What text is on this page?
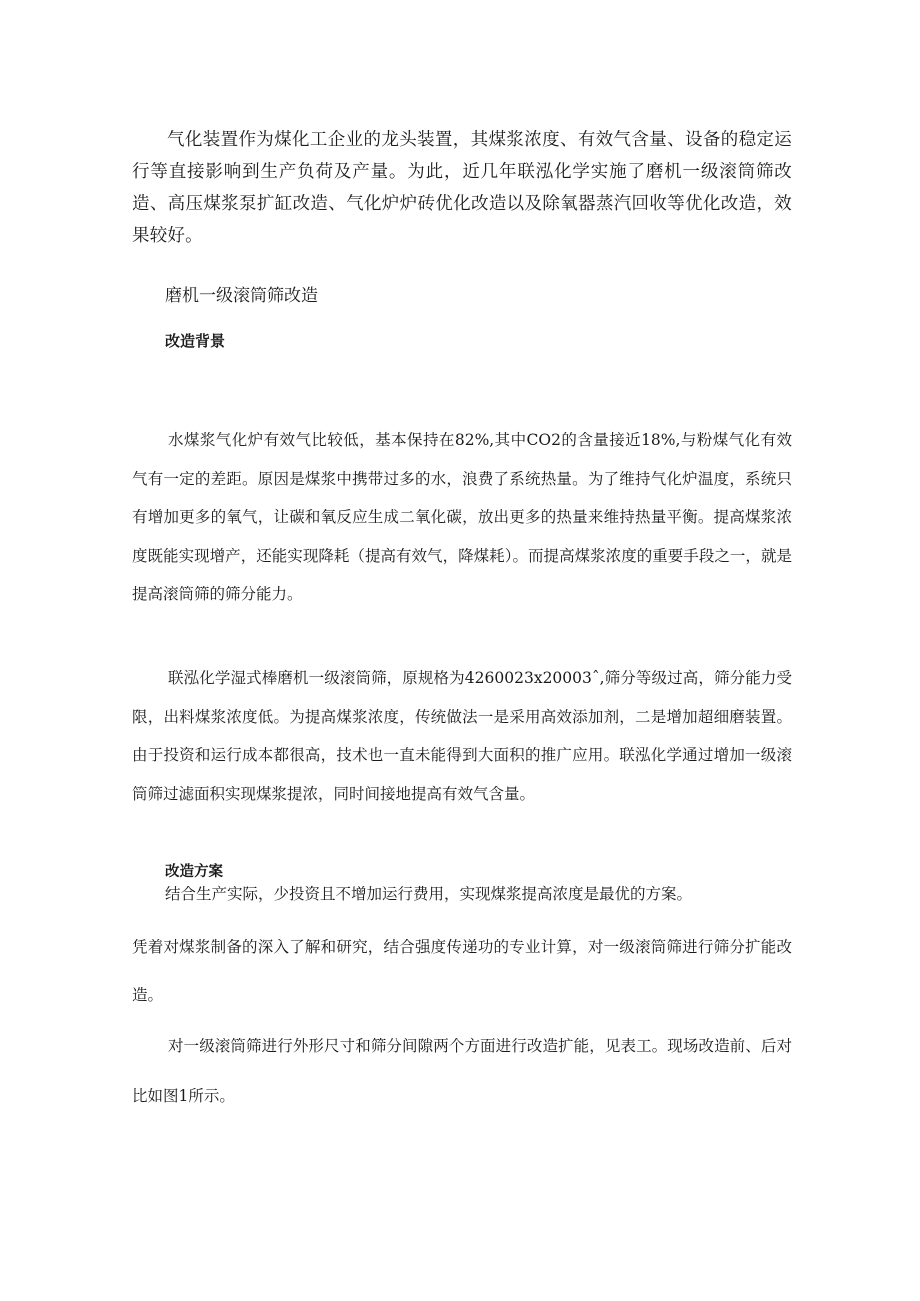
气化装置作为煤化工企业的龙头装置，其煤浆浓度、有效气含量、设备的稳定运行等直接影响到生产负荷及产量。为此，近几年联泓化学实施了磨机一级滚筒筛改造、高压煤浆泵扩缸改造、气化炉炉砖优化改造以及除氧器蒸汽回收等优化改造，效果较好。

磨机一级滚筒筛改造
改造背景

水煤浆气化炉有效气比较低，基本保持在82%,其中CO2的含量接近18%,与粉煤气化有效气有一定的差距。原因是煤浆中携带过多的水，浪费了系统热量。为了维持气化炉温度，系统只有增加更多的氧气，让碳和氧反应生成二氧化碳，放出更多的热量来维持热量平衡。提高煤浆浓度既能实现增产，还能实现降耗（提高有效气，降煤耗）。而提高煤浆浓度的重要手段之一，就是提高滚筒筛的筛分能力。

联泓化学湿式棒磨机一级滚筒筛，原规格为4260023x20003ˆ,筛分等级过高，筛分能力受限，出料煤浆浓度低。为提高煤浆浓度，传统做法一是采用高效添加剂，二是增加超细磨装置。由于投资和运行成本都很高，技术也一直未能得到大面积的推广应用。联泓化学通过增加一级滚筒筛过滤面积实现煤浆提浓，同时间接地提高有效气含量。

改造方案

结合生产实际，少投资且不增加运行费用，实现煤浆提高浓度是最优的方案。

凭着对煤浆制备的深入了解和研究，结合强度传递功的专业计算，对一级滚筒筛进行筛分扩能改造。

对一级滚筒筛进行外形尺寸和筛分间隙两个方面进行改造扩能，见表工。现场改造前、后对比如图1所示。
